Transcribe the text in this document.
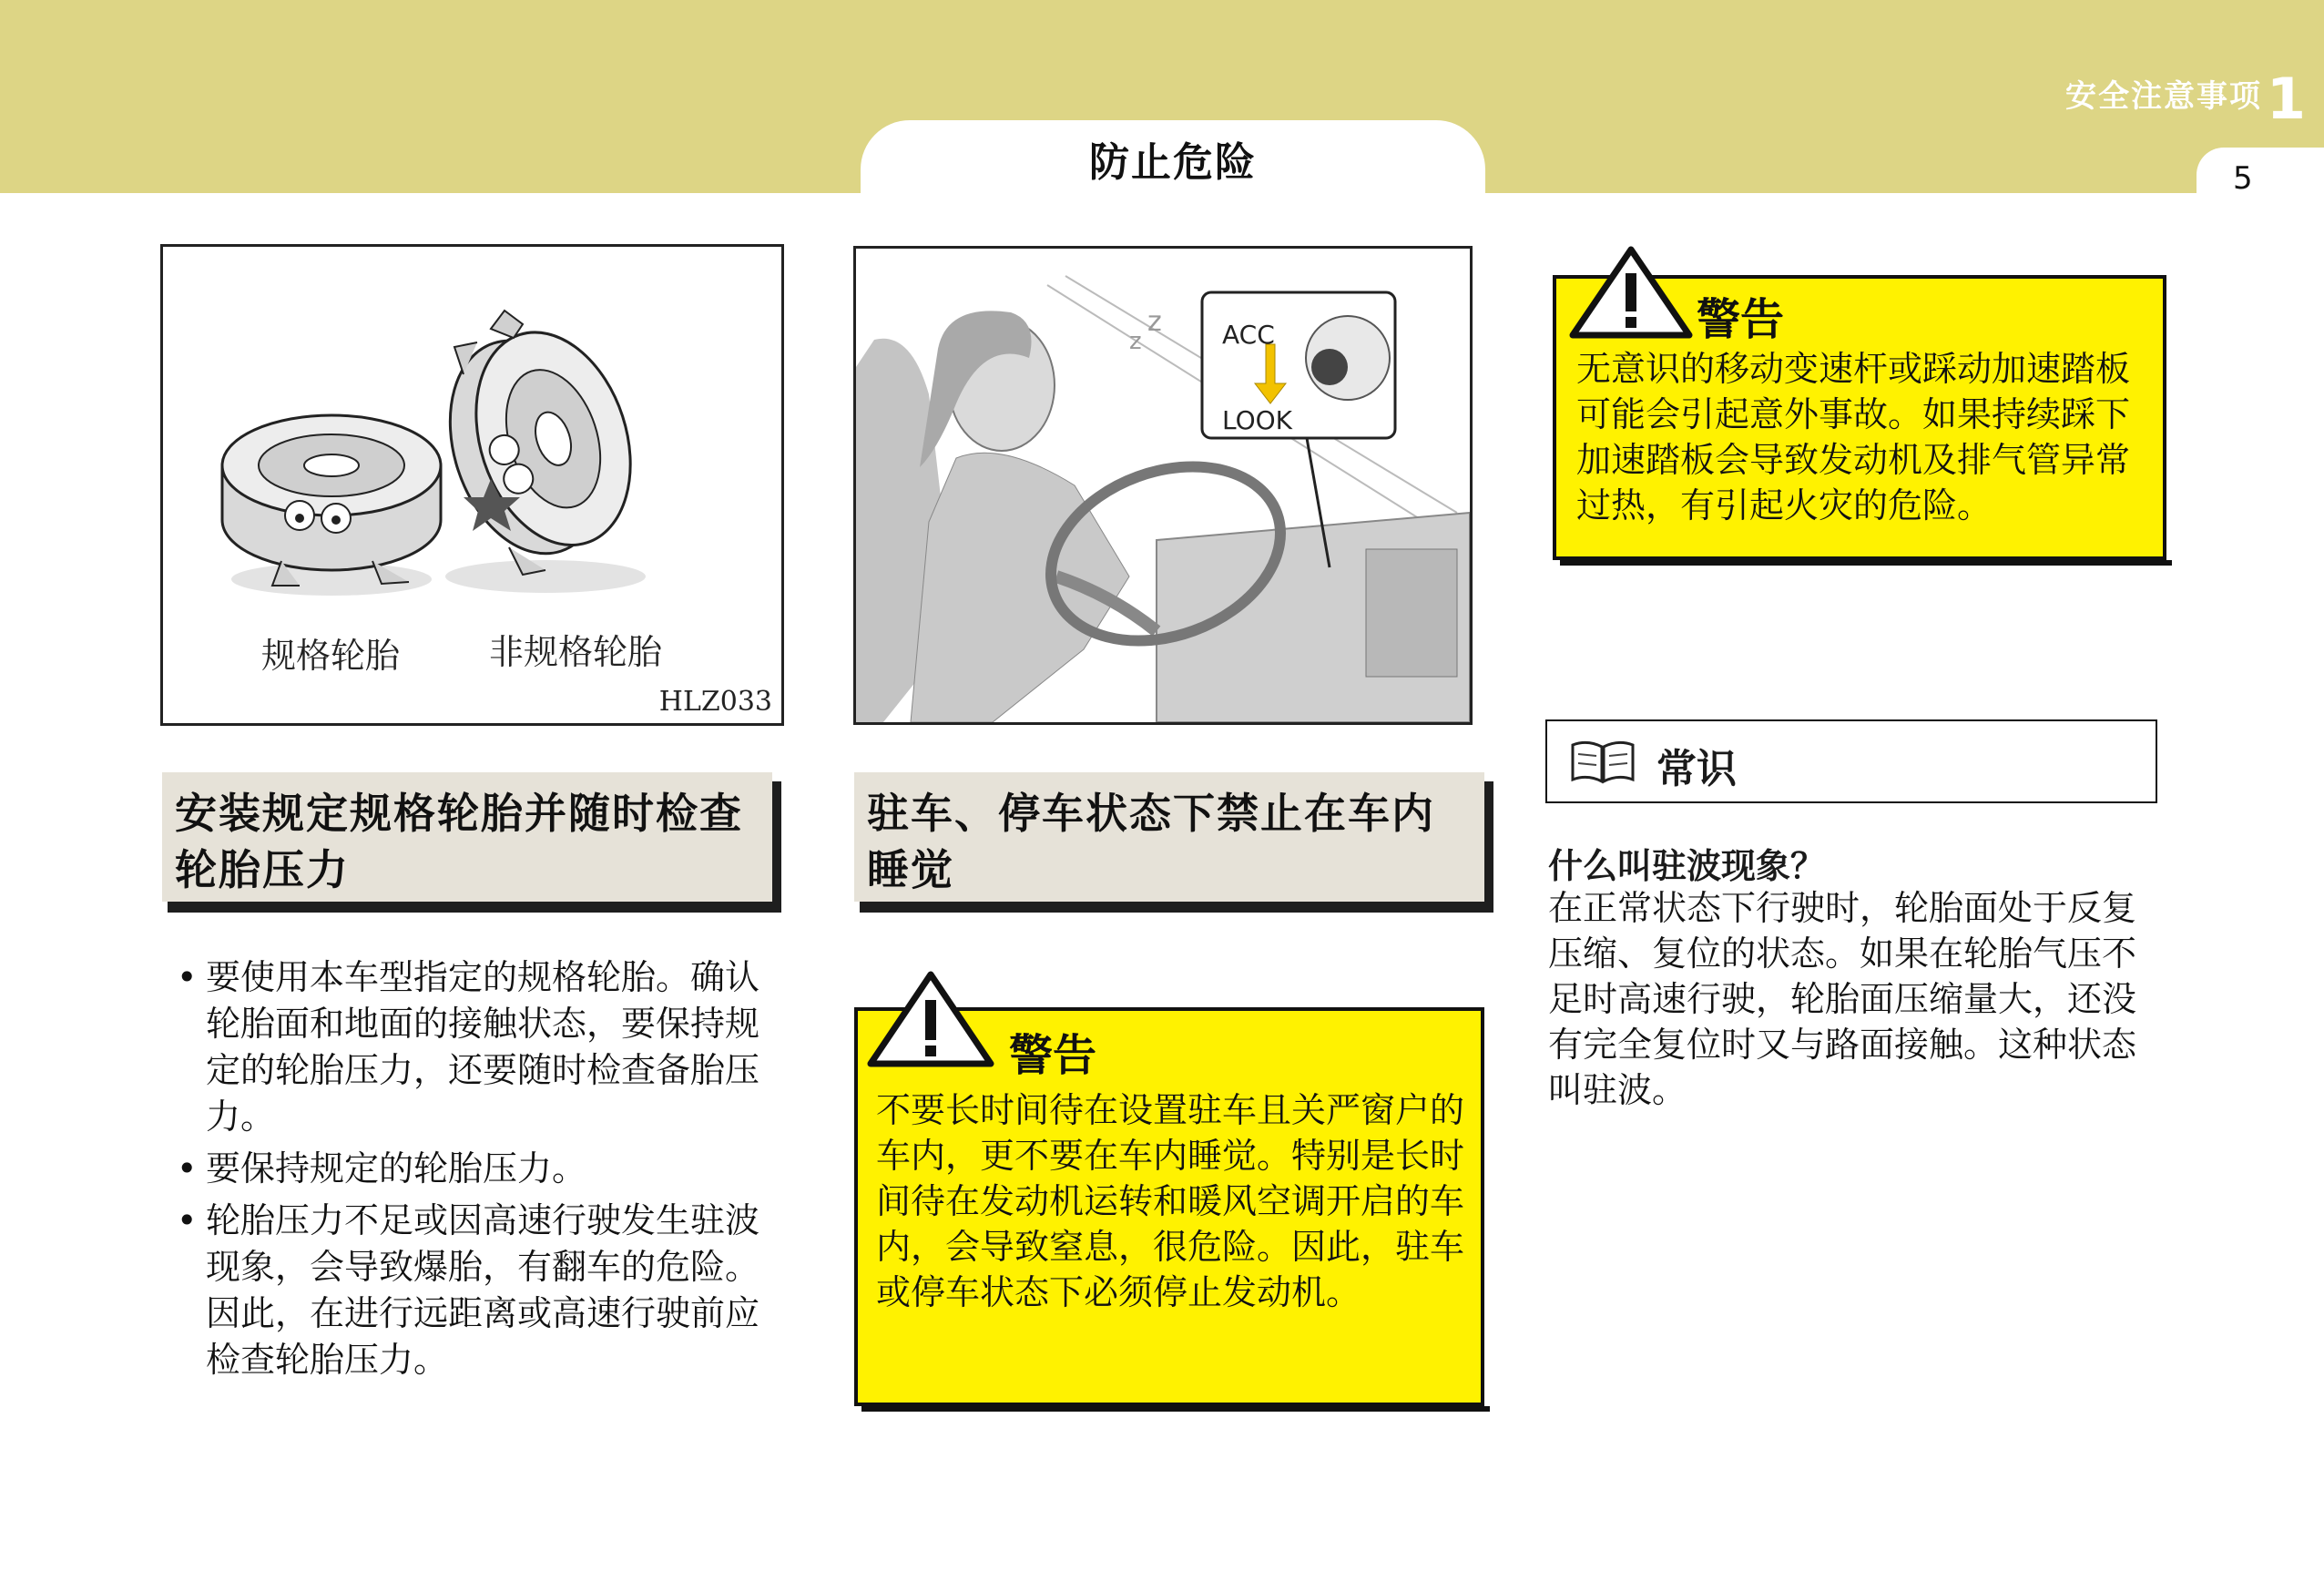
安全注意事项 1
防止危险	5
规格轮胎	非规格轮胎
HLZ033
z
z ACC
LOOK
安装规定规格轮胎并随时检查轮胎压力
驻车、停车状态下禁止在车内睡觉
• 要使用本车型指定的规格轮胎。确认轮胎面和地面的接触状态，要保持规定的轮胎压力，还要随时检查备胎压力。
• 要保持规定的轮胎压力。
• 轮胎压力不足或因高速行驶发生驻波现象，会导致爆胎，有翻车的危险。因此，在进行远距离或高速行驶前应检查轮胎压力。
警告
无意识的移动变速杆或踩动加速踏板可能会引起意外事故。如果持续踩下加速踏板会导致发动机及排气管异常过热，有引起火灾的危险。
警告
不要长时间待在设置驻车且关严窗户的车内，更不要在车内睡觉。特别是长时间待在发动机运转和暖风空调开启的车内，会导致窒息，很危险。因此，驻车或停车状态下必须停止发动机。
常识
什么叫驻波现象？
在正常状态下行驶时，轮胎面处于反复压缩、复位的状态。如果在轮胎气压不足时高速行驶，轮胎面压缩量大，还没有完全复位时又与路面接触。这种状态叫驻波。
